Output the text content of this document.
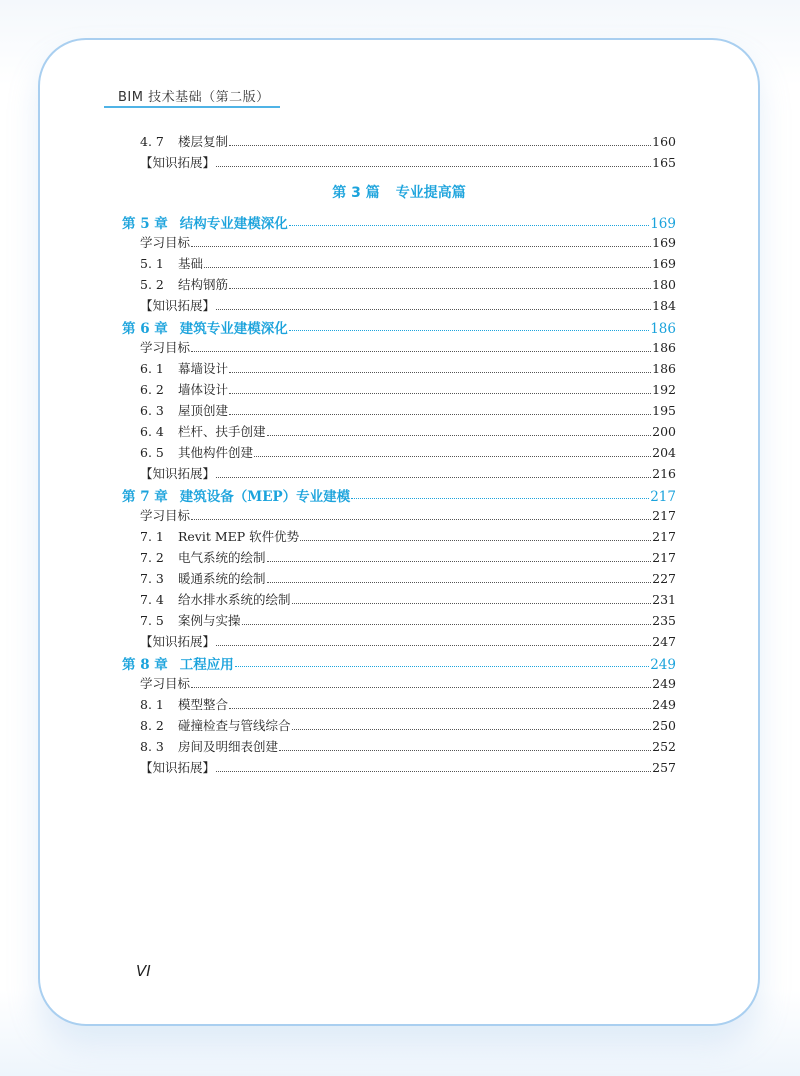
BIM 技术基础（第二版）
4. 7	楼层复制	160
【知识拓展】	165
第 3 篇 专业提高篇
第 5 章 结构专业建模深化	169
学习目标	169
5. 1	基础	169
5. 2	结构钢筋	180
【知识拓展】	184
第 6 章 建筑专业建模深化	186
学习目标	186
6. 1	幕墙设计	186
6. 2	墙体设计	192
6. 3	屋顶创建	195
6. 4	栏杆、扶手创建	200
6. 5	其他构件创建	204
【知识拓展】	216
第 7 章 建筑设备（MEP）专业建模	217
学习目标	217
7. 1	Revit MEP 软件优势	217
7. 2	电气系统的绘制	217
7. 3	暖通系统的绘制	227
7. 4	给水排水系统的绘制	231
7. 5	案例与实操	235
【知识拓展】	247
第 8 章 工程应用	249
学习目标	249
8. 1	模型整合	249
8. 2	碰撞检查与管线综合	250
8. 3	房间及明细表创建	252
【知识拓展】	257
VI
